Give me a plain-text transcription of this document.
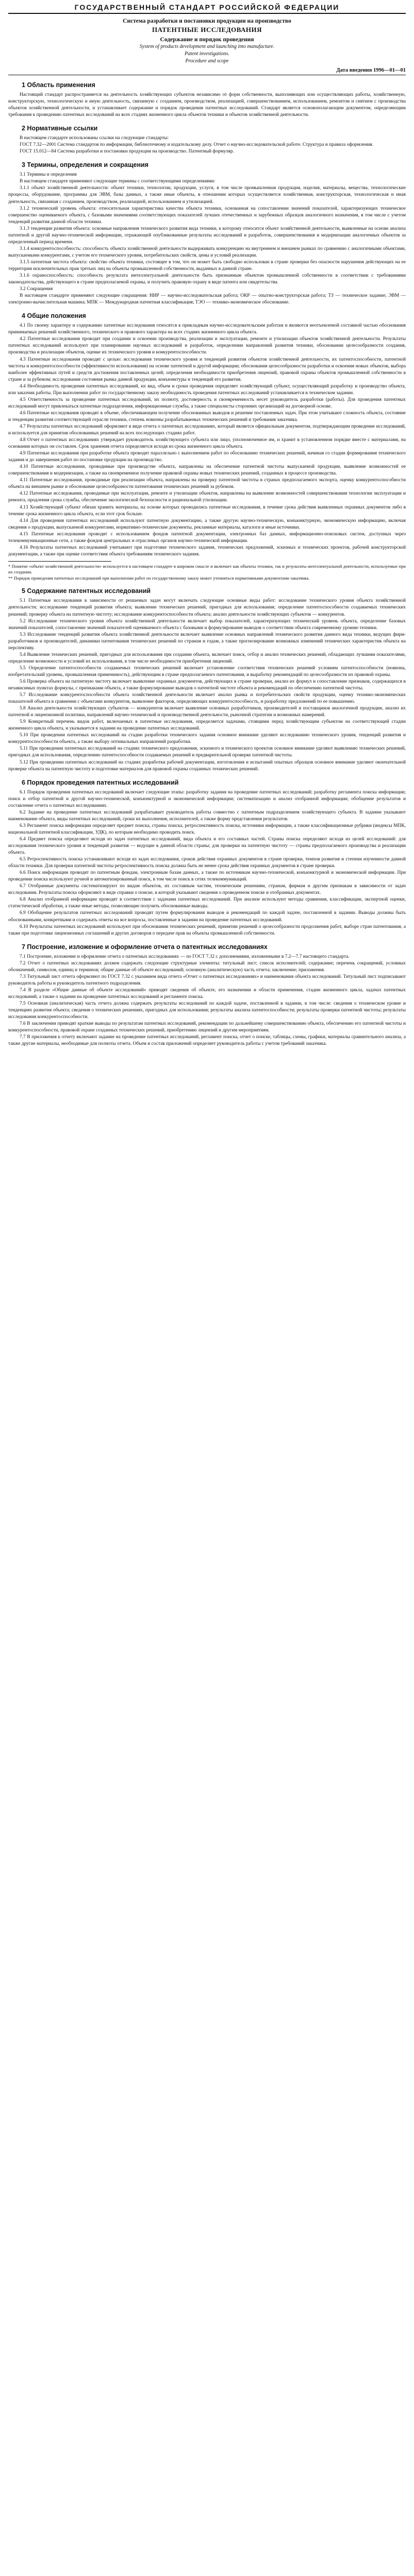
ГОСУДАРСТВЕННЫЙ СТАНДАРТ РОССИЙСКОЙ ФЕДЕРАЦИИ
Система разработки и постановки продукции на производство
ПАТЕНТНЫЕ ИССЛЕДОВАНИЯ
Содержание и порядок проведения
System of products development and launching into manufacture.
Patent investigations.
Procedure and scope
Дата введения 1996—01—01
1 Область применения

Настоящий стандарт распространяется на деятельность хозяйствующих субъектов независимо от форм собственности, выполняющих или осуществляющих работы, хозяйственную, конструкторскую, технологическую и иную деятельность, связанную с созданием, производством, реализацией, совершенствованием, использованием, ремонтом и снятием с производства объектов хозяйственной деятельности, и устанавливает содержание и порядок проведения патентных исследований. Стандарт является основополагающим документом, определяющим требования к проведению патентных исследований на всех стадиях жизненного цикла объектов техники и объектов хозяйственной деятельности.

2 Нормативные ссылки

В настоящем стандарте использованы ссылки на следующие стандарты:

ГОСТ 7.32—2001 Система стандартов по информации, библиотечному и издательскому делу. Отчет о научно-исследовательской работе. Структура и правила оформления.

ГОСТ 15.012—84 Система разработки и постановки продукции на производство. Патентный формуляр.

3 Термины, определения и сокращения

3.1 Термины и определения

В настоящем стандарте применяют следующие термины с соответствующими определениями:

3.1.1 объект хозяйственной деятельности: объект техники, технологии, продукции, услуги, в том числе промышленная продукция, изделия, материалы, вещества, технологические процессы, оборудование, программы для ЭВМ, базы данных, а также иные объекты, в отношении которых осуществляется хозяйственная, конструкторская, технологическая и иная деятельность, связанная с созданием, производством, реализацией, использованием и утилизацией.

3.1.2 технический уровень объекта: относительная характеристика качества объекта техники, основанная на сопоставлении значений показателей, характеризующих техническое совершенство оцениваемого объекта, с базовыми значениями соответствующих показателей лучших отечественных и зарубежных образцов аналогичного назначения, в том числе с учетом тенденций развития данной области техники.

3.1.3 тенденции развития объекта: основные направления технического развития вида техники, к которому относится объект хозяйственной деятельности, выявленные на основе анализа патентной и другой научно-технической информации, отражающей опубликованные результаты исследований и разработок, совершенствования и модернизации аналогичных объектов за определенный период времени.

3.1.4 конкурентоспособность: способность объекта хозяйственной деятельности выдерживать конкуренцию на внутреннем и внешнем рынках по сравнению с аналогичными объектами, выпускаемыми конкурентами, с учетом его технического уровня, потребительских свойств, цены и условий реализации.

3.1.5 патентная чистота объекта: свойство объекта техники, состоящее в том, что он может быть свободно использован в стране проверки без опасности нарушения действующих на ее территории исключительных прав третьих лиц на объекты промышленной собственности, выданных в данной стране.

3.1.6 охраноспособность: способность результата интеллектуальной деятельности быть признанным объектом промышленной собственности в соответствии с требованиями законодательства, действующего в стране предполагаемой охраны, и получить правовую охрану в виде патента или свидетельства.

3.2 Сокращения

В настоящем стандарте применяют следующие сокращения: НИР — научно-исследовательская работа; ОКР — опытно-конструкторская работа; ТЗ — техническое задание; ЭВМ — электронно-вычислительная машина; МПК — Международная патентная классификация; ТЭО — технико-экономическое обоснование.

4 Общие положения

4.1 По своему характеру и содержанию патентные исследования относятся к прикладным научно-исследовательским работам и являются неотъемлемой составной частью обоснования принимаемых решений хозяйственного, технического и правового характера на всех стадиях жизненного цикла объекта.

4.2 Патентные исследования проводят при создании и освоении производства, реализации и эксплуатации, ремонте и утилизации объектов хозяйственной деятельности. Результаты патентных исследований используют при планировании научных исследований и разработок, определении направлений развития техники, обосновании целесообразности создания, производства и реализации объектов, оценке их технического уровня и конкурентоспособности.

4.3 Патентные исследования проводят с целью: исследования технического уровня и тенденций развития объектов хозяйственной деятельности, их патентоспособности, патентной чистоты и конкурентоспособности (эффективности использования) на основе патентной и другой информации; обоснования целесообразности разработки и освоения новых объектов, выбора наиболее эффективных путей и средств достижения поставленных целей; определения необходимости приобретения лицензий, правовой охраны объектов промышленной собственности в стране и за рубежом; исследования состояния рынка данной продукции, конъюнктуры и тенденций его развития.

4.4 Необходимость проведения патентных исследований, их вид, объем и сроки проведения определяет хозяйствующий субъект, осуществляющий разработку и производство объекта, или заказчик работы. При выполнении работ по государственному заказу необходимость проведения патентных исследований устанавливается в техническом задании.

4.5 Ответственность за проведение патентных исследований, их полноту, достоверность и своевременность несет руководитель разработки (работы). Для проведения патентных исследований могут привлекаться патентные подразделения, информационные службы, а также специалисты сторонних организаций на договорной основе.

4.6 Патентные исследования проводят в объеме, обеспечивающем получение обоснованных выводов и решение поставленных задач. При этом учитывают сложность объекта, состояние и тенденции развития соответствующей отрасли техники, степень новизны разрабатываемых технических решений и требования заказчика.

4.7 Результаты патентных исследований оформляют в виде отчета о патентных исследованиях, который является официальным документом, подтверждающим проведение исследований, и используется для принятия обоснованных решений на всех последующих стадиях работ.

4.8 Отчет о патентных исследованиях утверждает руководитель хозяйствующего субъекта или лицо, уполномоченное им, и хранит в установленном порядке вместе с материалами, на основании которых он составлен. Срок хранения отчета определяется исходя из срока жизненного цикла объекта.

4.9 Патентные исследования при разработке объекта проводят параллельно с выполнением работ по обоснованию технических решений, начиная со стадии формирования технического задания и до завершения работ по постановке продукции на производство.

4.10 Патентные исследования, проводимые при производстве объекта, направлены на обеспечение патентной чистоты выпускаемой продукции, выявление возможностей ее совершенствования и модернизации, а также на своевременное получение правовой охраны новых технических решений, созданных в процессе производства.

4.11 Патентные исследования, проводимые при реализации объекта, направлены на проверку патентной чистоты в странах предполагаемого экспорта, оценку конкурентоспособности объекта на внешнем рынке и обоснование целесообразности патентования технических решений за рубежом.

4.12 Патентные исследования, проводимые при эксплуатации, ремонте и утилизации объектов, направлены на выявление возможностей совершенствования технологии эксплуатации и ремонта, продления срока службы, обеспечение экологической безопасности и рациональной утилизации.

4.13 Хозяйствующий субъект обязан хранить материалы, на основе которых проводились патентные исследования, в течение срока действия выявленных охранных документов либо в течение срока жизненного цикла объекта, если этот срок больше.

4.14 Для проведения патентных исследований используют патентную документацию, а также другую научно-техническую, конъюнктурную, экономическую информацию, включая сведения о продукции, выпускаемой конкурентами, нормативно-технические документы, рекламные материалы, каталоги и иные источники.

4.15 Патентные исследования проводят с использованием фондов патентной документации, электронных баз данных, информационно-поисковых систем, доступных через телекоммуникационные сети, а также фондов центральных и отраслевых органов научно-технической информации.

4.16 Результаты патентных исследований учитывают при подготовке технического задания, технических предложений, эскизных и технических проектов, рабочей конструкторской документации, а также при оценке соответствия объекта требованиям технического задания.

* Понятие «объект хозяйственной деятельности» используется в настоящем стандарте в широком смысле и включает как объекты техники, так и результаты интеллектуальной деятельности, используемые при их создании.

** Порядок проведения патентных исследований при выполнении работ по государственному заказу может уточняться нормативными документами заказчика.

5 Содержание патентных исследований

5.1 Патентные исследования в зависимости от решаемых задач могут включать следующие основные виды работ: исследование технического уровня объекта хозяйственной деятельности; исследование тенденций развития объекта; выявление технических решений, пригодных для использования; определение патентоспособности создаваемых технических решений; проверку объекта на патентную чистоту; исследование конкурентоспособности объекта; анализ деятельности хозяйствующих субъектов — конкурентов.

5.2 Исследование технического уровня объекта хозяйственной деятельности включает выбор показателей, характеризующих технический уровень объекта, определение базовых значений показателей, сопоставление значений показателей оцениваемого объекта с базовыми и формулирование выводов о соответствии объекта современному уровню техники.

5.3 Исследование тенденций развития объекта хозяйственной деятельности включает выявление основных направлений технического развития данного вида техники, ведущих фирм-разработчиков и производителей, динамики патентования технических решений по странам и годам, а также прогнозирование возможных изменений технических характеристик объекта на перспективу.

5.4 Выявление технических решений, пригодных для использования при создании объекта, включает поиск, отбор и анализ технических решений, обладающих лучшими показателями, определение возможности и условий их использования, в том числе необходимости приобретения лицензий.

5.5 Определение патентоспособности создаваемых технических решений включает установление соответствия технических решений условиям патентоспособности (новизна, изобретательский уровень, промышленная применимость), действующим в стране предполагаемого патентования, и выработку рекомендаций по целесообразности их правовой охраны.

5.6 Проверка объекта на патентную чистоту включает выявление охранных документов, действующих в стране проверки, анализ их формул и сопоставление признаков, содержащихся в независимых пунктах формулы, с признаками объекта, а также формулирование выводов о патентной чистоте объекта и рекомендаций по обеспечению патентной чистоты.

5.7 Исследование конкурентоспособности объекта хозяйственной деятельности включает анализ рынка и потребительских свойств продукции, оценку технико-экономических показателей объекта в сравнении с объектами конкурентов, выявление факторов, определяющих конкурентоспособность, и разработку предложений по ее повышению.

5.8 Анализ деятельности хозяйствующих субъектов — конкурентов включает выявление основных разработчиков, производителей и поставщиков аналогичной продукции, анализ их патентной и лицензионной политики, направлений научно-технической и производственной деятельности, рыночной стратегии и возможных намерений.

5.9 Конкретный перечень видов работ, включаемых в патентные исследования, определяется задачами, стоящими перед хозяйствующим субъектом на соответствующей стадии жизненного цикла объекта, и указывается в задании на проведение патентных исследований.

5.10 При проведении патентных исследований на стадии разработки технического задания основное внимание уделяют исследованию технического уровня, тенденций развития и конкурентоспособности объекта, а также выбору оптимальных направлений разработки.

5.11 При проведении патентных исследований на стадиях технического предложения, эскизного и технического проектов основное внимание уделяют выявлению технических решений, пригодных для использования, определению патентоспособности создаваемых решений и предварительной проверке патентной чистоты.

5.12 При проведении патентных исследований на стадиях разработки рабочей документации, изготовления и испытаний опытных образцов основное внимание уделяют окончательной проверке объекта на патентную чистоту и подготовке материалов для правовой охраны созданных технических решений.

6 Порядок проведения патентных исследований

6.1 Порядок проведения патентных исследований включает следующие этапы: разработку задания на проведение патентных исследований; разработку регламента поиска информации; поиск и отбор патентной и другой научно-технической, конъюнктурной и экономической информации; систематизацию и анализ отобранной информации; обобщение результатов и составление отчета о патентных исследованиях.

6.2 Задание на проведение патентных исследований разрабатывает руководитель работы совместно с патентным подразделением хозяйствующего субъекта. В задании указывают наименование объекта, виды патентных исследований, сроки их выполнения, исполнителей, а также форму представления результатов.

6.3 Регламент поиска информации определяет предмет поиска, страны поиска, ретроспективность поиска, источники информации, а также классификационные рубрики (индексы МПК, национальной патентной классификации, УДК), по которым необходимо проводить поиск.

6.4 Предмет поиска определяют исходя из задач патентных исследований, вида объекта и его составных частей. Страны поиска определяют исходя из целей исследований: для исследования технического уровня и тенденций развития — ведущие в данной области страны; для проверки на патентную чистоту — страны предполагаемого производства и реализации объекта.

6.5 Ретроспективность поиска устанавливают исходя из задач исследования, сроков действия охранных документов в стране проверки, темпов развития и степени изученности данной области техники. Для проверки патентной чистоты ретроспективность поиска должна быть не менее срока действия охранных документов в стране проверки.

6.6 Поиск информации проводят по патентным фондам, электронным базам данных, а также по источникам научно-технической, конъюнктурной и экономической информации. При проведении поиска используют ручной и автоматизированный поиск, в том числе поиск в сетях телекоммуникаций.

6.7 Отобранные документы систематизируют по видам объектов, их составным частям, техническим решениям, странам, фирмам и другим признакам в зависимости от задач исследования. Результаты поиска оформляют в виде справки о поиске, в которой указывают сведения о проведенном поиске и отобранных документах.

6.8 Анализ отобранной информации проводят в соответствии с задачами патентных исследований. При анализе используют методы сравнения, классификации, экспертной оценки, статистической обработки, а также иные методы, позволяющие получить обоснованные выводы.

6.9 Обобщение результатов патентных исследований проводят путем формулирования выводов и рекомендаций по каждой задаче, поставленной в задании. Выводы должны быть обоснованными, конкретными и содержать ответы на все вопросы, поставленные в задании на проведение патентных исследований.

6.10 Результаты патентных исследований используют при обосновании технических решений, принятии решений о целесообразности продолжения работ, выборе стран патентования, а также при подготовке лицензионных соглашений и других договоров о передаче прав на объекты промышленной собственности.

7 Построение, изложение и оформление отчета о патентных исследованиях

7.1 Построение, изложение и оформление отчета о патентных исследованиях — по ГОСТ 7.32 с дополнениями, изложенными в 7.2—7.7 настоящего стандарта.

7.2 Отчет о патентных исследованиях должен содержать следующие структурные элементы: титульный лист; список исполнителей; содержание; перечень сокращений, условных обозначений, символов, единиц и терминов; общие данные об объекте исследований; основную (аналитическую) часть отчета; заключение; приложения.

7.3 Титульный лист отчета оформляют по ГОСТ 7.32 с указанием вида отчета «Отчет о патентных исследованиях» и наименования объекта исследований. Титульный лист подписывают руководитель работы и руководитель патентного подразделения.

7.4 В разделе «Общие данные об объекте исследований» приводят сведения об объекте, его назначении и области применения, стадии жизненного цикла, задачах патентных исследований, а также о задании на проведение патентных исследований и регламенте поиска.

7.5 Основная (аналитическая) часть отчета должна содержать результаты исследований по каждой задаче, поставленной в задании, в том числе: сведения о техническом уровне и тенденциях развития объекта; сведения о технических решениях, пригодных для использования; результаты анализа патентоспособности; результаты проверки патентной чистоты; результаты исследования конкурентоспособности.

7.6 В заключении приводят краткие выводы по результатам патентных исследований, рекомендации по дальнейшему совершенствованию объекта, обеспечению его патентной чистоты и конкурентоспособности, правовой охране созданных технических решений, приобретению лицензий и другим мероприятиям.

7.7 В приложения к отчету включают задание на проведение патентных исследований, регламент поиска, отчет о поиске, таблицы, схемы, графики, материалы сравнительного анализа, а также другие материалы, необходимые для полноты отчета. Объем и состав приложений определяет руководитель работы с учетом требований заказчика.
